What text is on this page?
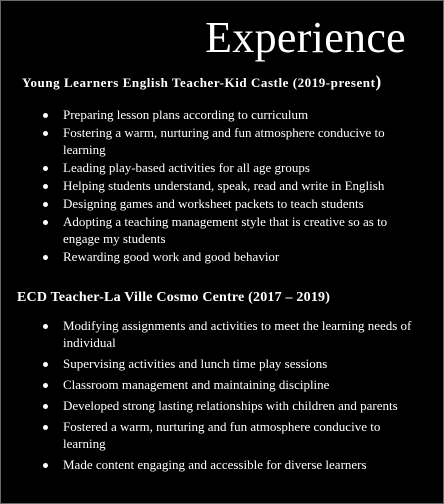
Experience
Young Learners English Teacher-Kid Castle (2019-present)
Preparing lesson plans according to curriculum
Fostering a warm, nurturing and fun atmosphere conducive to learning
Leading play-based activities for all age groups
Helping students understand, speak, read and write in English
Designing games and worksheet packets to teach students
Adopting a teaching management style that is creative so as to engage my students
Rewarding good work and good behavior
ECD Teacher-La Ville Cosmo Centre (2017 – 2019)
Modifying assignments and activities to meet the learning needs of individual
Supervising activities and lunch time play sessions
Classroom management and maintaining discipline
Developed strong lasting relationships with children and parents
Fostered a warm, nurturing and fun atmosphere conducive to learning
Made content engaging and accessible for diverse learners
